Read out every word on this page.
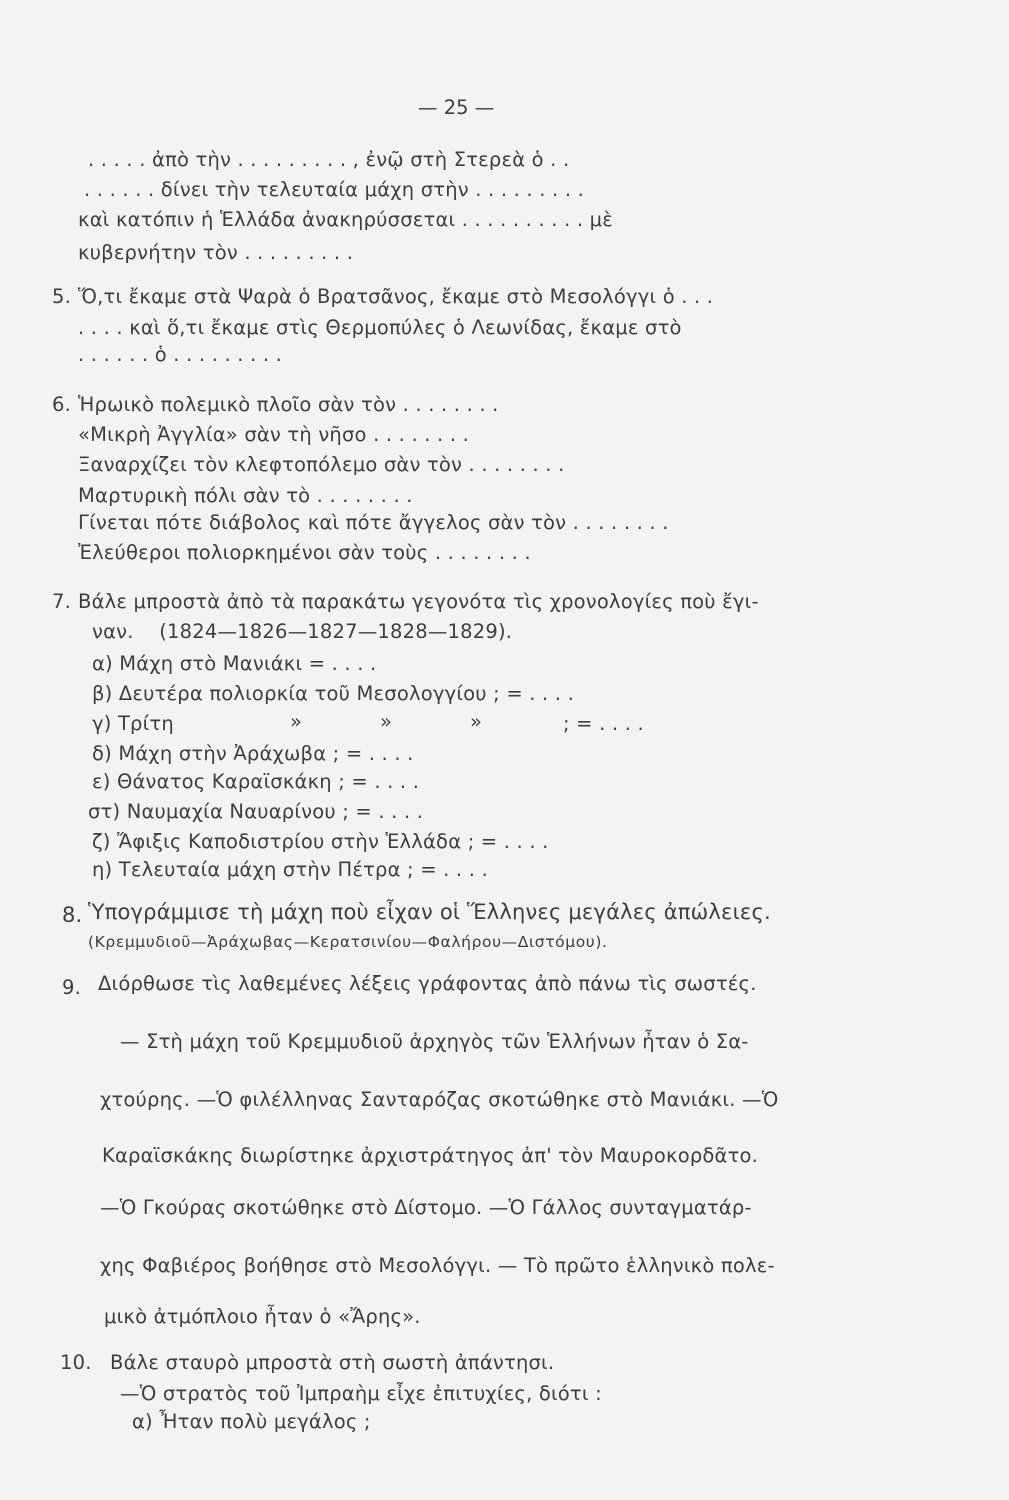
— 25 —
. . . . . ἀπὸ τὴν . . . . . . . . . , ἐνῷ στὴ Στερεὰ ὁ . .
. . . . . . δίνει τὴν τελευταία μάχη στὴν . . . . . . . . .
καὶ κατόπιν ἡ Ἑλλάδα ἀνακηρύσσεται . . . . . . . . . . μὲ
κυβερνήτην τὸν . . . . . . . . .
5. Ὅ,τι ἔκαμε στὰ Ψαρὰ ὁ Βρατσᾶνος, ἔκαμε στὸ Μεσολόγγι ὁ . . .
. . . . καὶ ὅ,τι ἔκαμε στὶς Θερμοπύλες ὁ Λεωνίδας, ἔκαμε στὸ
. . . . . . ὁ . . . . . . . . .
6. Ἡρωικὸ πολεμικὸ πλοῖο σὰν τὸν . . . . . . . .
«Μικρὴ Ἀγγλία» σὰν τὴ νῆσο . . . . . . . .
Ξαναρχίζει τὸν κλεφτοπόλεμο σὰν τὸν . . . . . . . .
Μαρτυρικὴ πόλι σὰν τὸ . . . . . . . .
Γίνεται πότε διάβολος καὶ πότε ἄγγελος σὰν τὸν . . . . . . . .
Ἐλεύθεροι πολιορκημένοι σὰν τοὺς . . . . . . . .
7. Βάλε μπροστὰ ἀπὸ τὰ παρακάτω γεγονότα τὶς χρονολογίες ποὺ ἔγι-
ναν.    (1824—1826—1827—1828—1829).
α) Μάχη στὸ Μανιάκι = . . . .
β) Δευτέρα πολιορκία τοῦ Μεσολογγίου ; = . . . .
γ) Τρίτη	»	»	»	; = . . . .
δ) Μάχη στὴν Ἀράχωβα ; = . . . .
ε) Θάνατος Καραϊσκάκη ; = . . . .
στ) Ναυμαχία Ναυαρίνου ; = . . . .
ζ) Ἄφιξις Καποδιστρίου στὴν Ἑλλάδα ; = . . . .
η) Τελευταία μάχη στὴν Πέτρα ; = . . . .
8. Ὑπογράμμισε τὴ μάχη ποὺ εἶχαν οἱ Ἕλληνες μεγάλες ἀπώλειες.
(Κρεμμυδιοῦ—Ἀράχωβας—Κερατσινίου—Φαλήρου—Διστόμου).
9. Διόρθωσε τὶς λαθεμένες λέξεις γράφοντας ἀπὸ πάνω τὶς σωστές.
— Στὴ μάχη τοῦ Κρεμμυδιοῦ ἀρχηγὸς τῶν Ἑλλήνων ἦταν ὁ Σα-
χτούρης. —Ὁ φιλέλληνας Σανταρόζας σκοτώθηκε στὸ Μανιάκι. —Ὁ
Καραϊσκάκης διωρίστηκε ἀρχιστράτηγος ἀπ' τὸν Μαυροκορδᾶτο.
—Ὁ Γκούρας σκοτώθηκε στὸ Δίστομο. —Ὁ Γάλλος συνταγματάρ-
χης Φαβιέρος βοήθησε στὸ Μεσολόγγι. — Τὸ πρῶτο ἑλληνικὸ πολε-
μικὸ ἀτμόπλοιο ἦταν ὁ «Ἄρης».
10. Βάλε σταυρὸ μπροστὰ στὴ σωστὴ ἀπάντησι.
—Ὁ στρατὸς τοῦ Ἰμπραὴμ εἶχε ἐπιτυχίες, διότι :
α) Ἦταν πολὺ μεγάλος ;
